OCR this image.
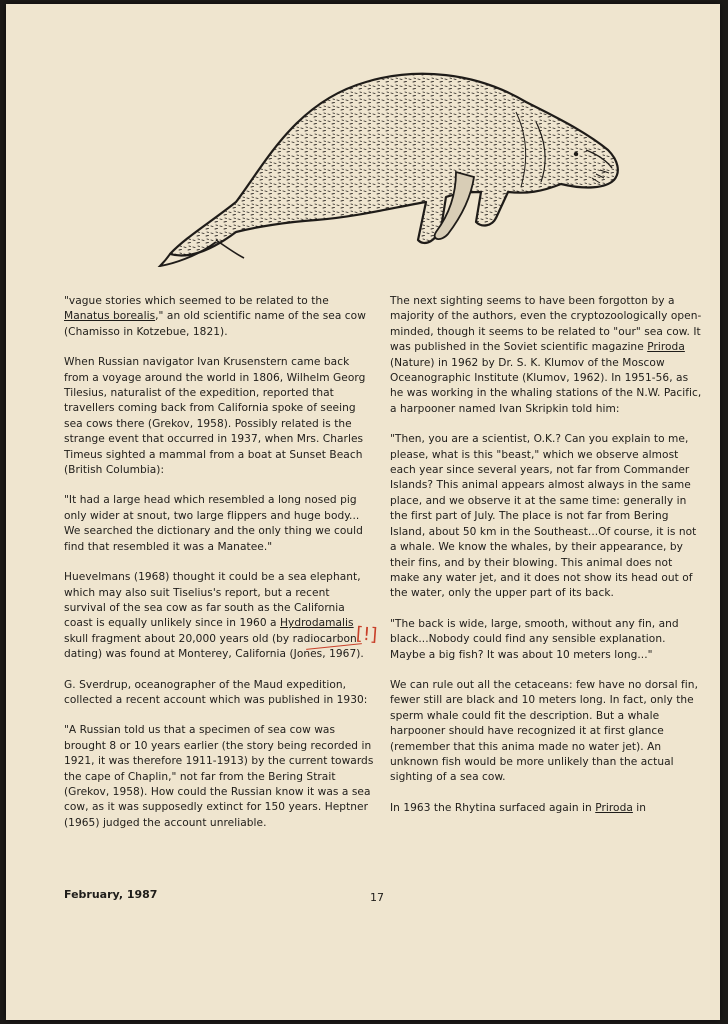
"vague stories which seemed to be related to the Manatus borealis," an old scientific name of the sea cow (Chamisso in Kotzebue, 1821).

When Russian navigator Ivan Krusenstern came back from a voyage around the world in 1806, Wilhelm Georg Tilesius, naturalist of the expedition, reported that travellers coming back from California spoke of seeing sea cows there (Grekov, 1958). Possibly related is the strange event that occurred in 1937, when Mrs. Charles Timeus sighted a mammal from a boat at Sunset Beach (British Columbia):

"It had a large head which resembled a long nosed pig only wider at snout, two large flippers and huge body... We searched the dictionary and the only thing we could find that resembled it was a Manatee."

Huevelmans (1968) thought it could be a sea elephant, which may also suit Tiselius's report, but a recent survival of the sea cow as far south as the California coast is equally unlikely since in 1960 a Hydrodamalis skull fragment about 20,000 years old (by radiocarbon dating) was found at Monterey, California (Jones, 1967).

G. Sverdrup, oceanographer of the Maud expedition, collected a recent account which was published in 1930:

"A Russian told us that a specimen of sea cow was brought 8 or 10 years earlier (the story being recorded in 1921, it was therefore 1911-1913) by the current towards the cape of Chaplin," not far from the Bering Strait (Grekov, 1958). How could the Russian know it was a sea cow, as it was supposedly extinct for 150 years. Heptner (1965) judged the account unreliable.

The next sighting seems to have been forgotton by a majority of the authors, even the cryptozoologically open-minded, though it seems to be related to "our" sea cow. It was published in the Soviet scientific magazine Priroda (Nature) in 1962 by Dr. S. K. Klumov of the Moscow Oceanographic Institute (Klumov, 1962). In 1951-56, as he was working in the whaling stations of the N.W. Pacific, a harpooner named Ivan Skripkin told him:

"Then, you are a scientist, O.K.? Can you explain to me, please, what is this "beast," which we observe almost each year since several years, not far from Commander Islands? This animal appears almost always in the same place, and we observe it at the same time: generally in the first part of July. The place is not far from Bering Island, about 50 km in the Southeast...Of course, it is not a whale. We know the whales, by their appearance, by their fins, and by their blowing. This animal does not make any water jet, and it does not show its head out of the water, only the upper part of its back.

"The back is wide, large, smooth, without any fin, and black...Nobody could find any sensible explanation. Maybe a big fish? It was about 10 meters long..."

We can rule out all the cetaceans: few have no dorsal fin, fewer still are black and 10 meters long. In fact, only the sperm whale could fit the description. But a whale harpooner should have recognized it at first glance (remember that this anima made no water jet). An unknown fish would be more unlikely than the actual sighting of a sea cow.

In 1963 the Rhytina surfaced again in Priroda in

[!]
February, 1987	17
